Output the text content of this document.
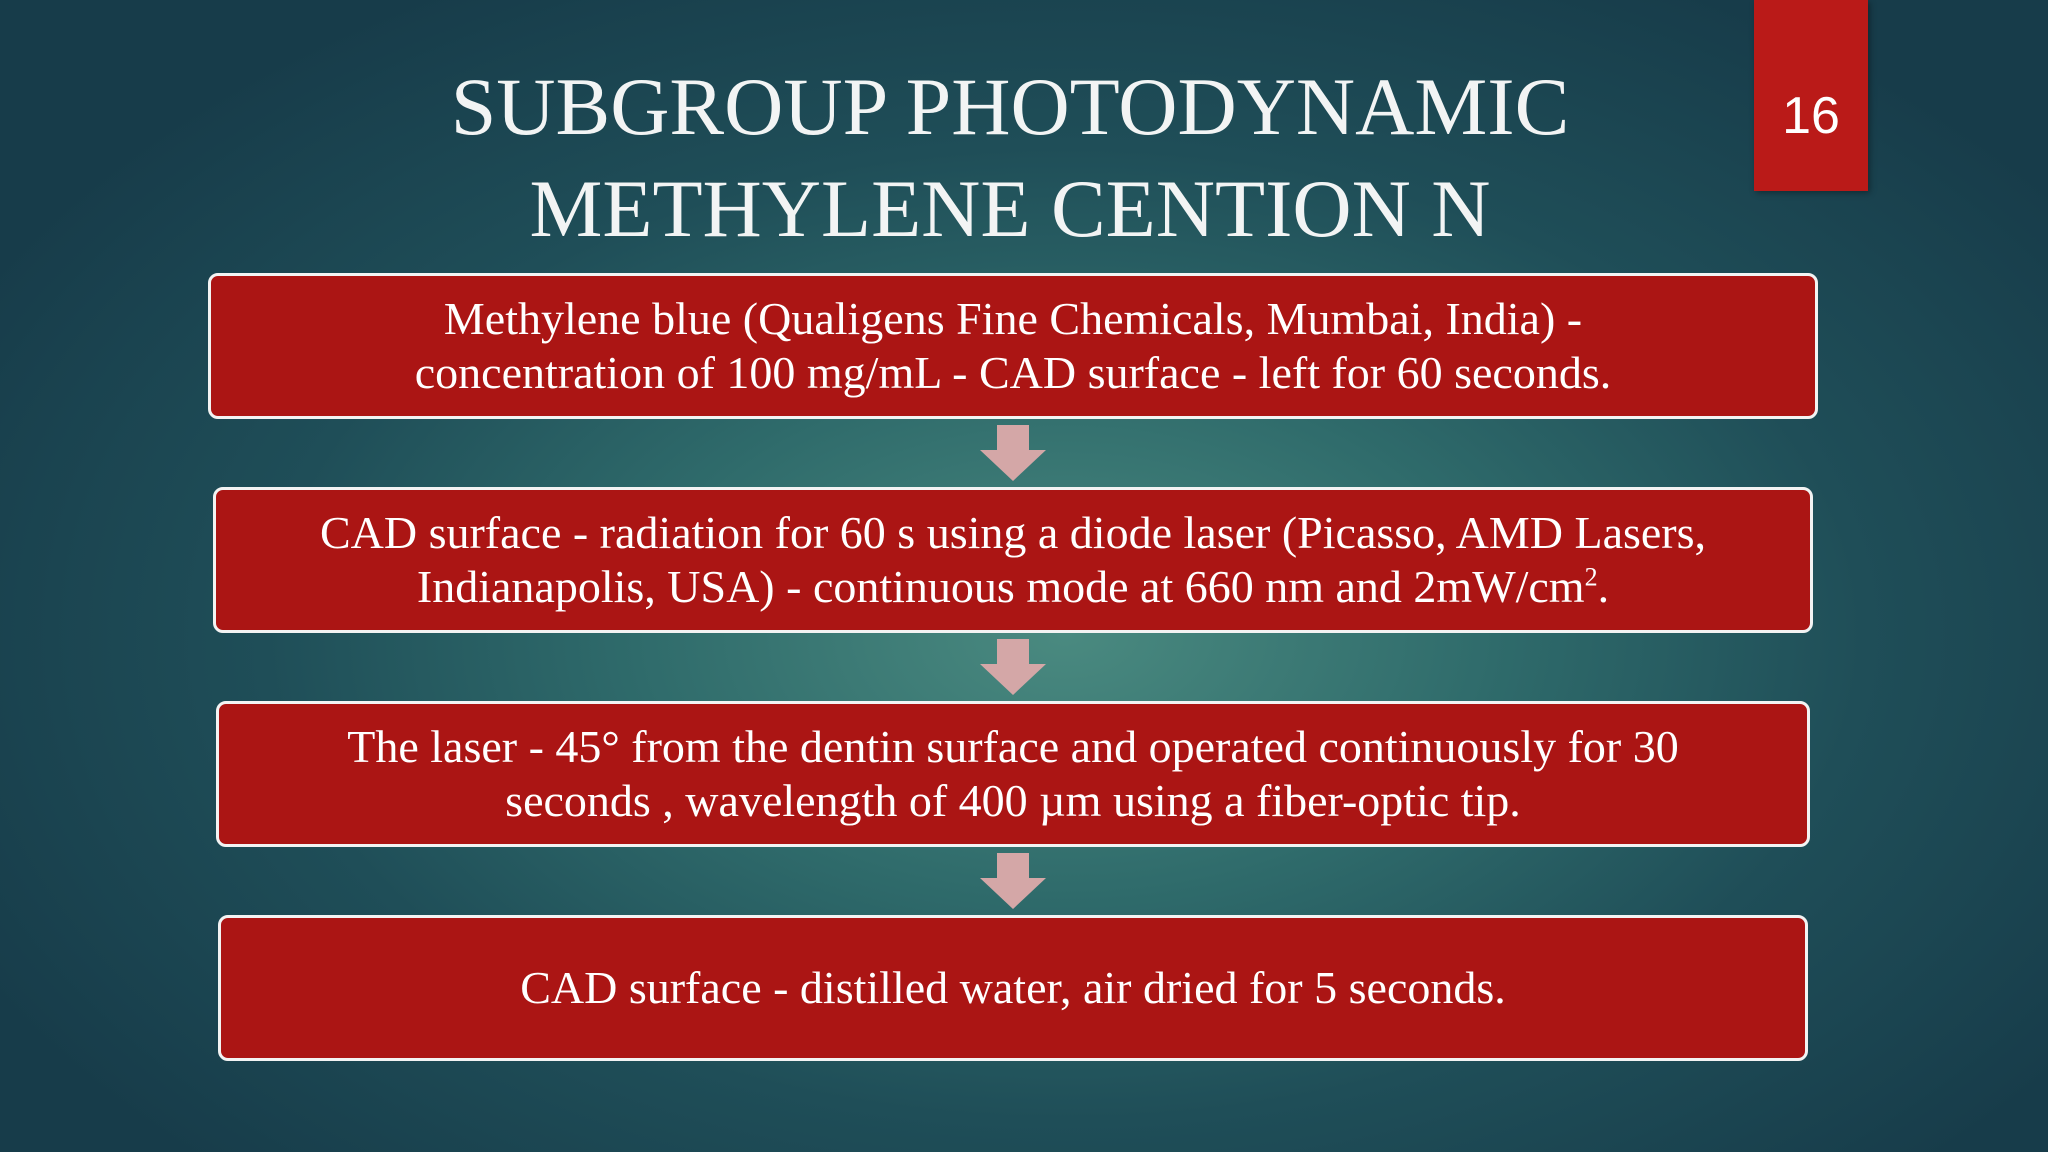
SUBGROUP PHOTODYNAMIC
METHYLENE CENTION N
16
Methylene blue (Qualigens Fine Chemicals, Mumbai, India) -
concentration of 100 mg/mL - CAD surface - left for 60 seconds.
CAD surface - radiation for 60 s using a diode laser (Picasso, AMD Lasers,
Indianapolis, USA) - continuous mode at 660 nm and $2mW/cm^2$.
The laser - 45° from the dentin surface and operated continuously for 30
seconds , wavelength of 400 µm using a fiber-optic tip.
CAD surface - distilled water, air dried for 5 seconds.
